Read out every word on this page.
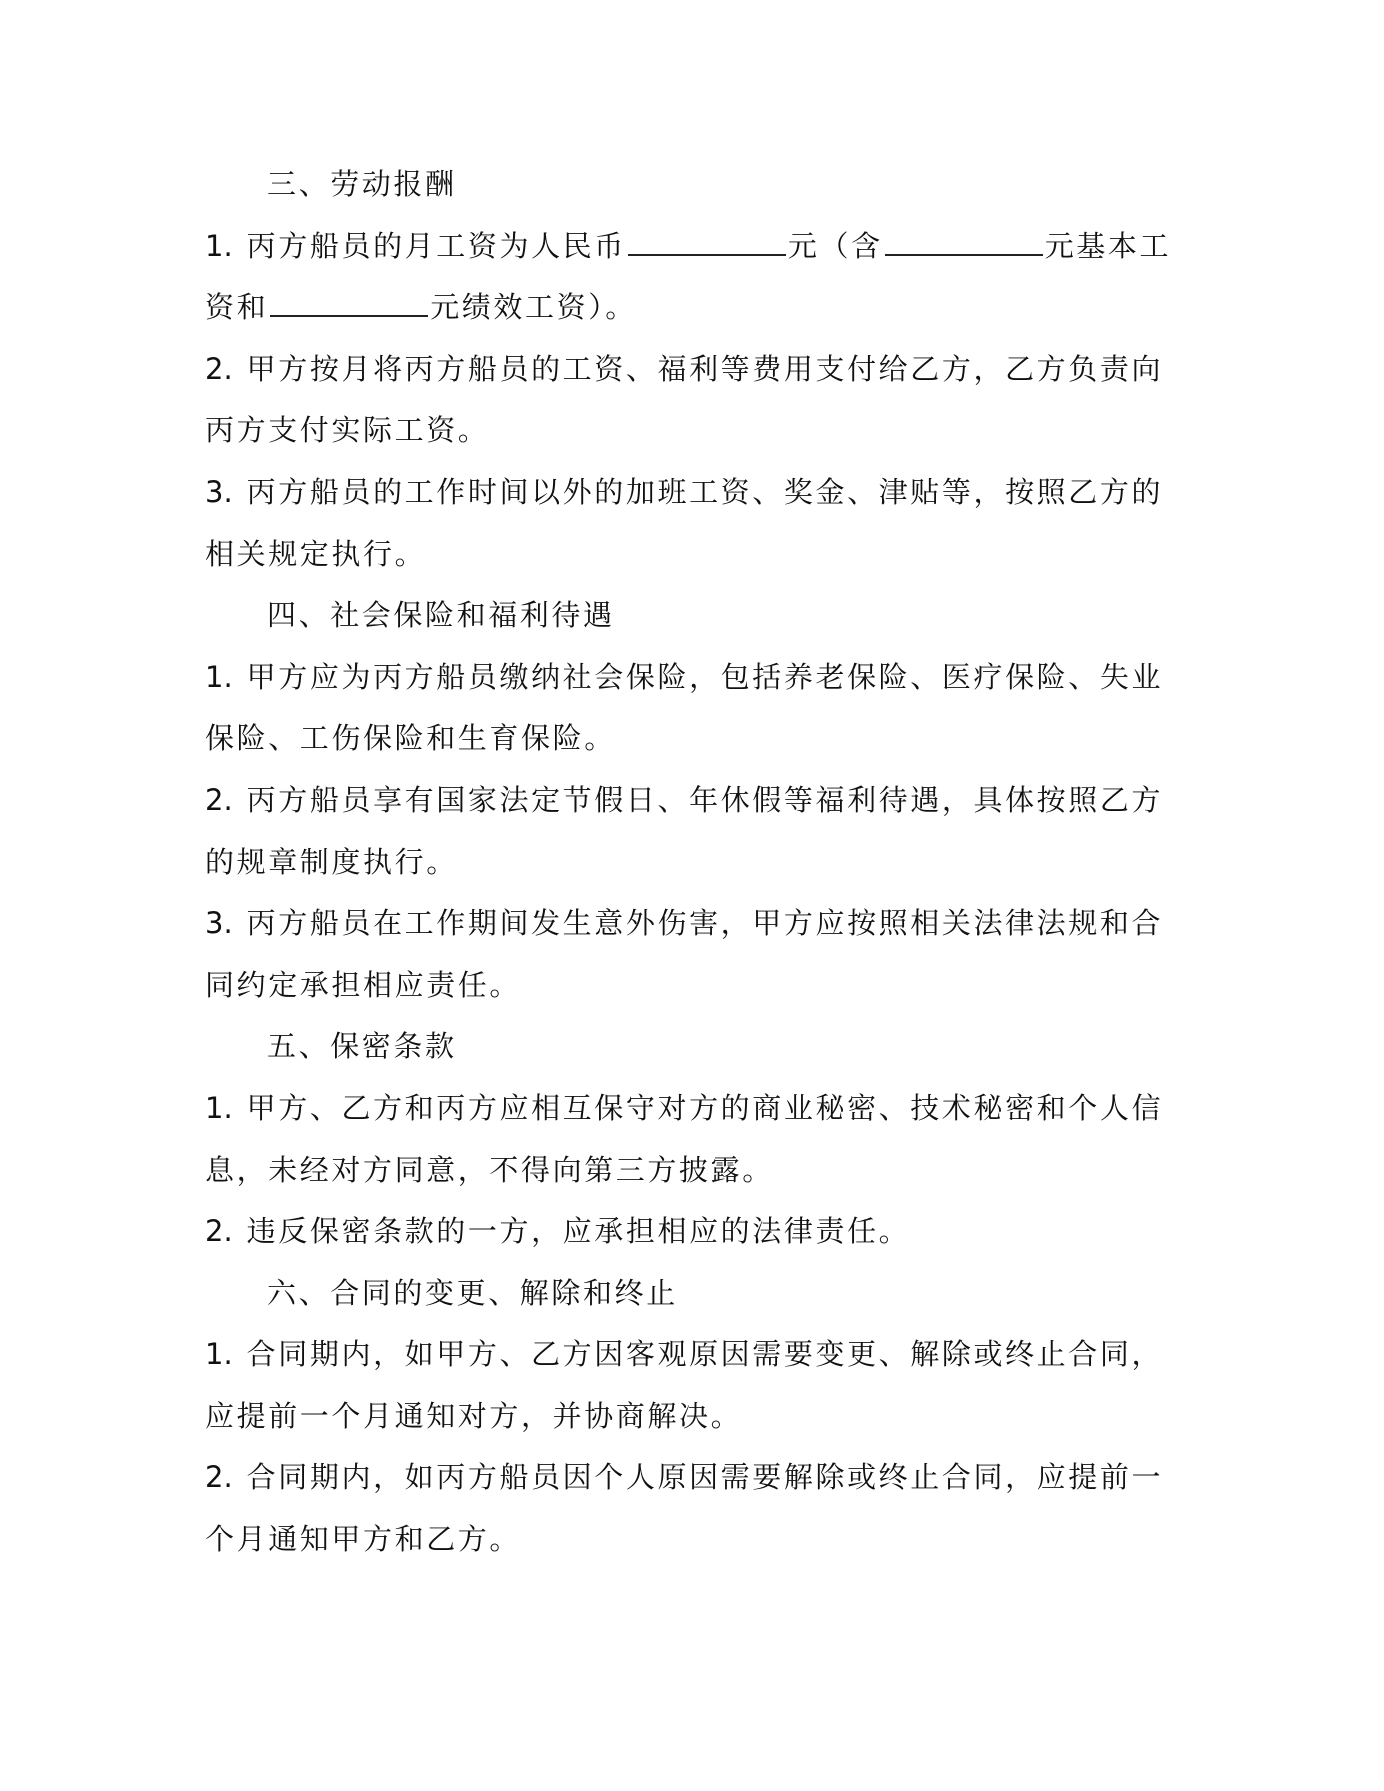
三、劳动报酬
1. 丙方船员的月工资为人民币	元（含	元基本工
资和	元绩效工资）。
2. 甲方按月将丙方船员的工资、福利等费用支付给乙方，乙方负责向
丙方支付实际工资。
3. 丙方船员的工作时间以外的加班工资、奖金、津贴等，按照乙方的
相关规定执行。
四、社会保险和福利待遇
1. 甲方应为丙方船员缴纳社会保险，包括养老保险、医疗保险、失业
保险、工伤保险和生育保险。
2. 丙方船员享有国家法定节假日、年休假等福利待遇，具体按照乙方
的规章制度执行。
3. 丙方船员在工作期间发生意外伤害，甲方应按照相关法律法规和合
同约定承担相应责任。
五、保密条款
1. 甲方、乙方和丙方应相互保守对方的商业秘密、技术秘密和个人信
息，未经对方同意，不得向第三方披露。
2. 违反保密条款的一方，应承担相应的法律责任。
六、合同的变更、解除和终止
1. 合同期内，如甲方、乙方因客观原因需要变更、解除或终止合同，
应提前一个月通知对方，并协商解决。
2. 合同期内，如丙方船员因个人原因需要解除或终止合同，应提前一
个月通知甲方和乙方。
